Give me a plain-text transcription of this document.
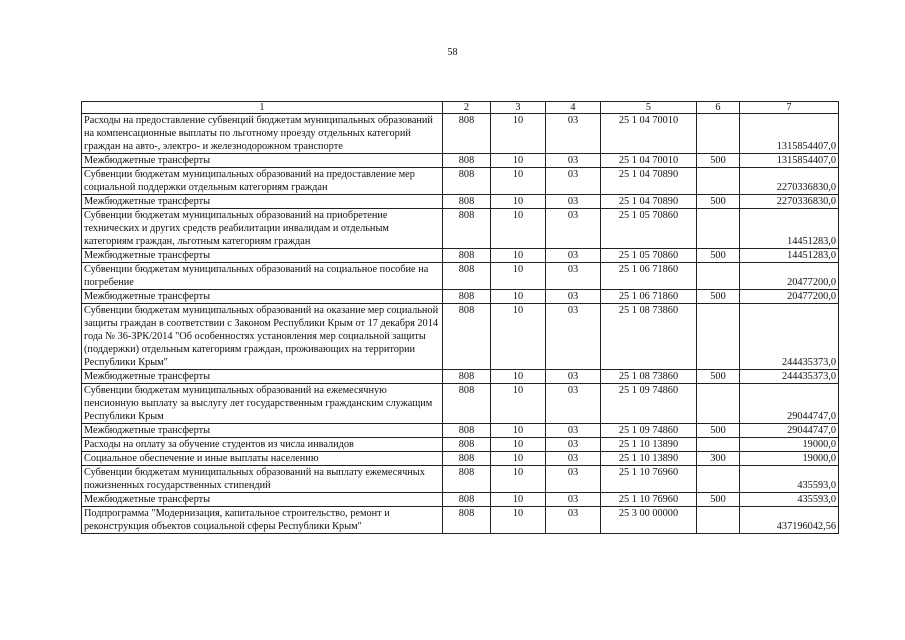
58
1	2	3	4	5	6	7
Расходы на предоставление субвенций бюджетам муниципальных образований на компенсационные выплаты по льготному проезду отдельных категорий граждан на авто-, электро- и железнодорожном транспорте	808	10	03	25 1 04 70010		1315854407,0
Межбюджетные трансферты	808	10	03	25 1 04 70010	500	1315854407,0
Субвенции бюджетам муниципальных образований на предоставление мер социальной поддержки отдельным категориям граждан	808	10	03	25 1 04 70890		2270336830,0
Межбюджетные трансферты	808	10	03	25 1 04 70890	500	2270336830,0
Субвенции бюджетам муниципальных образований на приобретение технических и других средств реабилитации инвалидам и отдельным категориям граждан, льготным категориям граждан	808	10	03	25 1 05 70860		14451283,0
Межбюджетные трансферты	808	10	03	25 1 05 70860	500	14451283,0
Субвенции бюджетам муниципальных образований на социальное пособие на погребение	808	10	03	25 1 06 71860		20477200,0
Межбюджетные трансферты	808	10	03	25 1 06 71860	500	20477200,0
Субвенции бюджетам муниципальных образований на оказание мер социальной защиты граждан в соответствии с Законом Республики Крым от 17 декабря 2014 года № 36-ЗРК/2014 "Об особенностях установления мер социальной защиты (поддержки) отдельным категориям граждан, проживающих на территории Республики Крым"	808	10	03	25 1 08 73860		244435373,0
Межбюджетные трансферты	808	10	03	25 1 08 73860	500	244435373,0
Субвенции бюджетам муниципальных образований на ежемесячную пенсионную выплату за выслугу лет государственным гражданским служащим Республики Крым	808	10	03	25 1 09 74860		29044747,0
Межбюджетные трансферты	808	10	03	25 1 09 74860	500	29044747,0
Расходы на оплату за обучение студентов из числа инвалидов	808	10	03	25 1 10 13890		19000,0
Социальное обеспечение и иные выплаты населению	808	10	03	25 1 10 13890	300	19000,0
Субвенции бюджетам муниципальных образований на выплату ежемесячных пожизненных государственных стипендий	808	10	03	25 1 10 76960		435593,0
Межбюджетные трансферты	808	10	03	25 1 10 76960	500	435593,0
Подпрограмма "Модернизация, капитальное строительство, ремонт и реконструкция объектов социальной сферы Республики Крым"	808	10	03	25 3 00 00000		437196042,56
